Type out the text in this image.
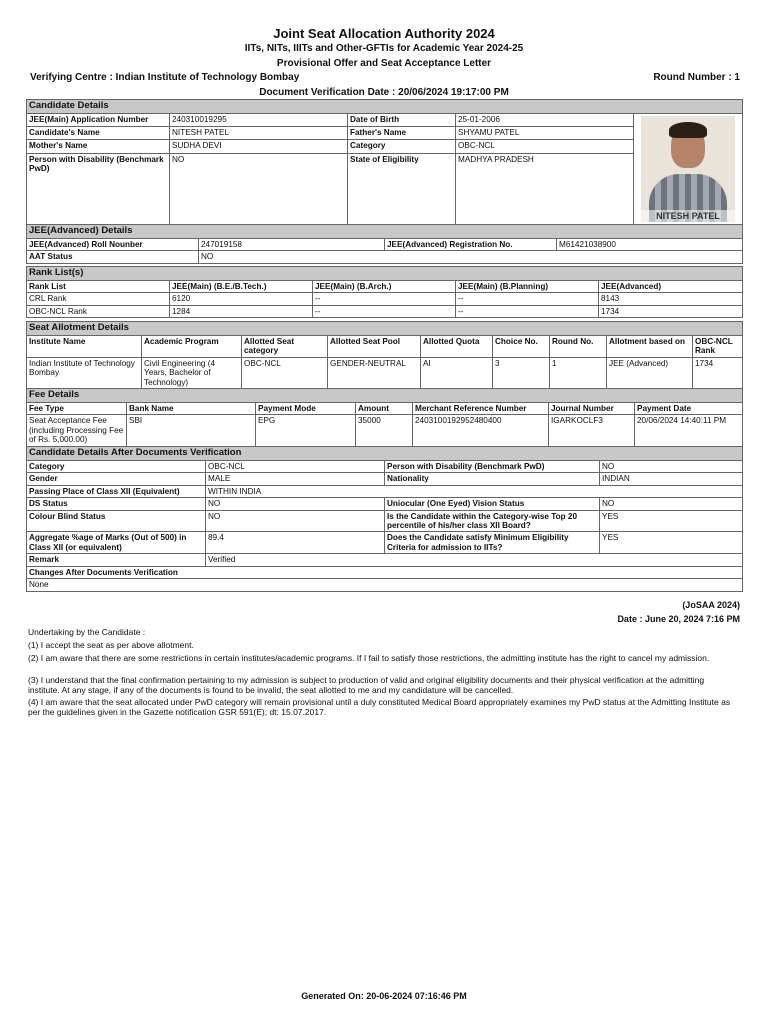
Joint Seat Allocation Authority 2024
IITs, NITs, IIITs and Other-GFTIs for Academic Year 2024-25
Provisional Offer and Seat Acceptance Letter
Verifying Centre : Indian Institute of Technology Bombay	Round Number : 1
Document Verification Date : 20/06/2024 19:17:00 PM
Candidate Details				
JEE(Main) Application Number	240310019295	Date of Birth	25-01-2006	NITESH PATEL

Candidate's Name	NITESH PATEL	Father's Name	SHYAMU PATEL	
Mother's Name	SUDHA DEVI	Category	OBC-NCL	
Person with Disability (Benchmark PwD)	NO	State of Eligibility	MADHYA PRADESH	
JEE(Advanced) Details			
JEE(Advanced) Roll Nounber	247019158	JEE(Advanced) Registration No.	M61421038900
AAT Status	NO		
Rank List(s)				
Rank List	JEE(Main) (B.E./B.Tech.)	JEE(Main) (B.Arch.)	JEE(Main) (B.Planning)	JEE(Advanced)
CRL Rank	6120	--	--	8143
OBC-NCL Rank	1284	--	--	1734
Seat Allotment Details								
Institute Name	Academic Program	Allotted Seat category	Allotted Seat Pool	Allotted Quota	Choice No.	Round No.	Allotment based on	OBC-NCL Rank
Indian Institute of Technology Bombay	Civil Engineering (4 Years, Bachelor of Technology)	OBC-NCL	GENDER-NEUTRAL	AI	3	1	JEE (Advanced)	1734
Fee Details						
Fee Type	Bank Name	Payment Mode	Amount	Merchant Reference Number	Journal Number	Payment Date
Seat Acceptance Fee (including Processing Fee of Rs. 5,000.00)	SBI	EPG	35000	2403100192952480400	IGARKOCLF3	20/06/2024 14:40:11 PM
Candidate Details After Documents Verification			
Category	OBC-NCL	Person with Disability (Benchmark PwD)	NO
Gender	MALE	Nationality	INDIAN
Passing Place of Class XII (Equivalent)	WITHIN INDIA		
DS Status	NO	Uniocular (One Eyed) Vision Status	NO
Colour Blind Status	NO	Is the Candidate within the Category-wise Top 20 percentile of his/her class XII Board?	YES
Aggregate %age of Marks (Out of 500) in Class XII (or equivalent)	89.4	Does the Candidate satisfy Minimum Eligibility Criteria for admission to IITs?	YES
Remark	Verified		
Changes After Documents Verification			
None			
(JoSAA 2024)
Date : June 20, 2024 7:16 PM
Undertaking by the Candidate :
(1) I accept the seat as per above allotment.
(2) I am aware that there are some restrictions in certain institutes/academic programs. If I fail to satisfy those restrictions, the admitting institute has the right to cancel my admission.
(3) I understand that the final confirmation pertaining to my admission is subject to production of valid and original eligibility documents and their physical verification at the admitting institute. At any stage, if any of the documents is found to be invalid, the seat allotted to me and my candidature will be cancelled.
(4) I am aware that the seat allocated under PwD category will remain provisional until a duly constituted Medical Board appropriately examines my PwD status at the Admitting Institute as per the guidelines given in the Gazette notification GSR 591(E); dt: 15.07.2017.
Generated On: 20-06-2024 07:16:46 PM
